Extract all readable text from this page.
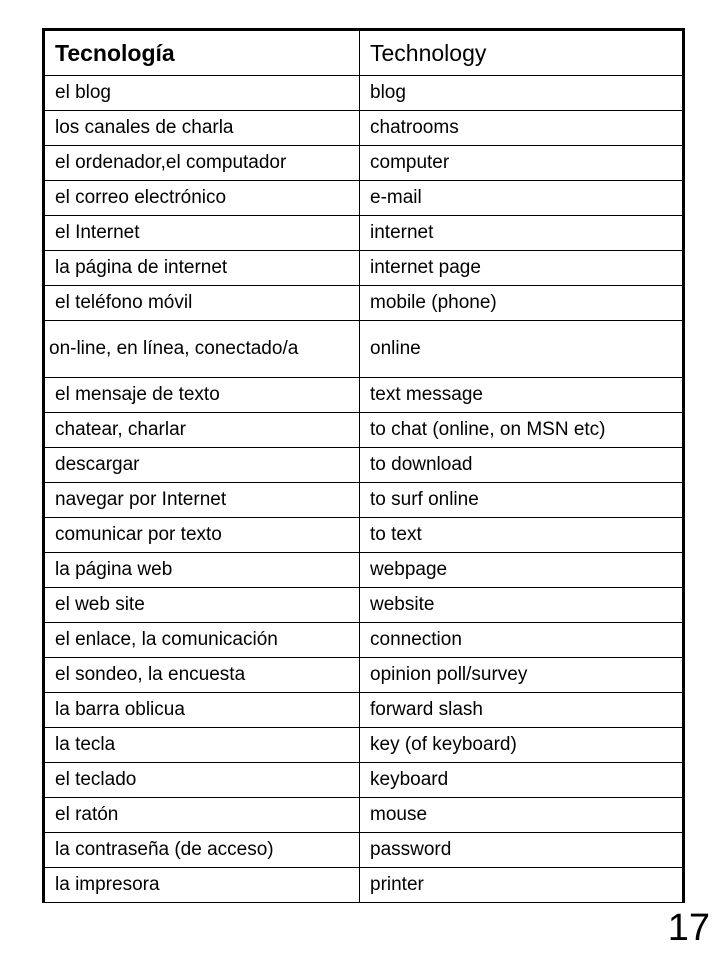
Tecnología	Technology
el blog	blog
los canales de charla	chatrooms
el ordenador,el computador	computer
el correo electrónico	e-mail
el Internet	internet
la página de internet	internet page
el teléfono móvil	mobile (phone)
on-line, en línea, conectado/a	online
el mensaje de texto	text message
chatear, charlar	to chat (online, on MSN etc)
descargar	to download
navegar por Internet	to surf online
comunicar por texto	to text
la página web	webpage
el web site	website
el enlace, la comunicación	connection
el sondeo, la encuesta	opinion poll/survey
la barra oblicua	forward slash
la tecla	key (of keyboard)
el teclado	keyboard
el ratón	mouse
la contraseña (de acceso)	password
la impresora	printer
17
